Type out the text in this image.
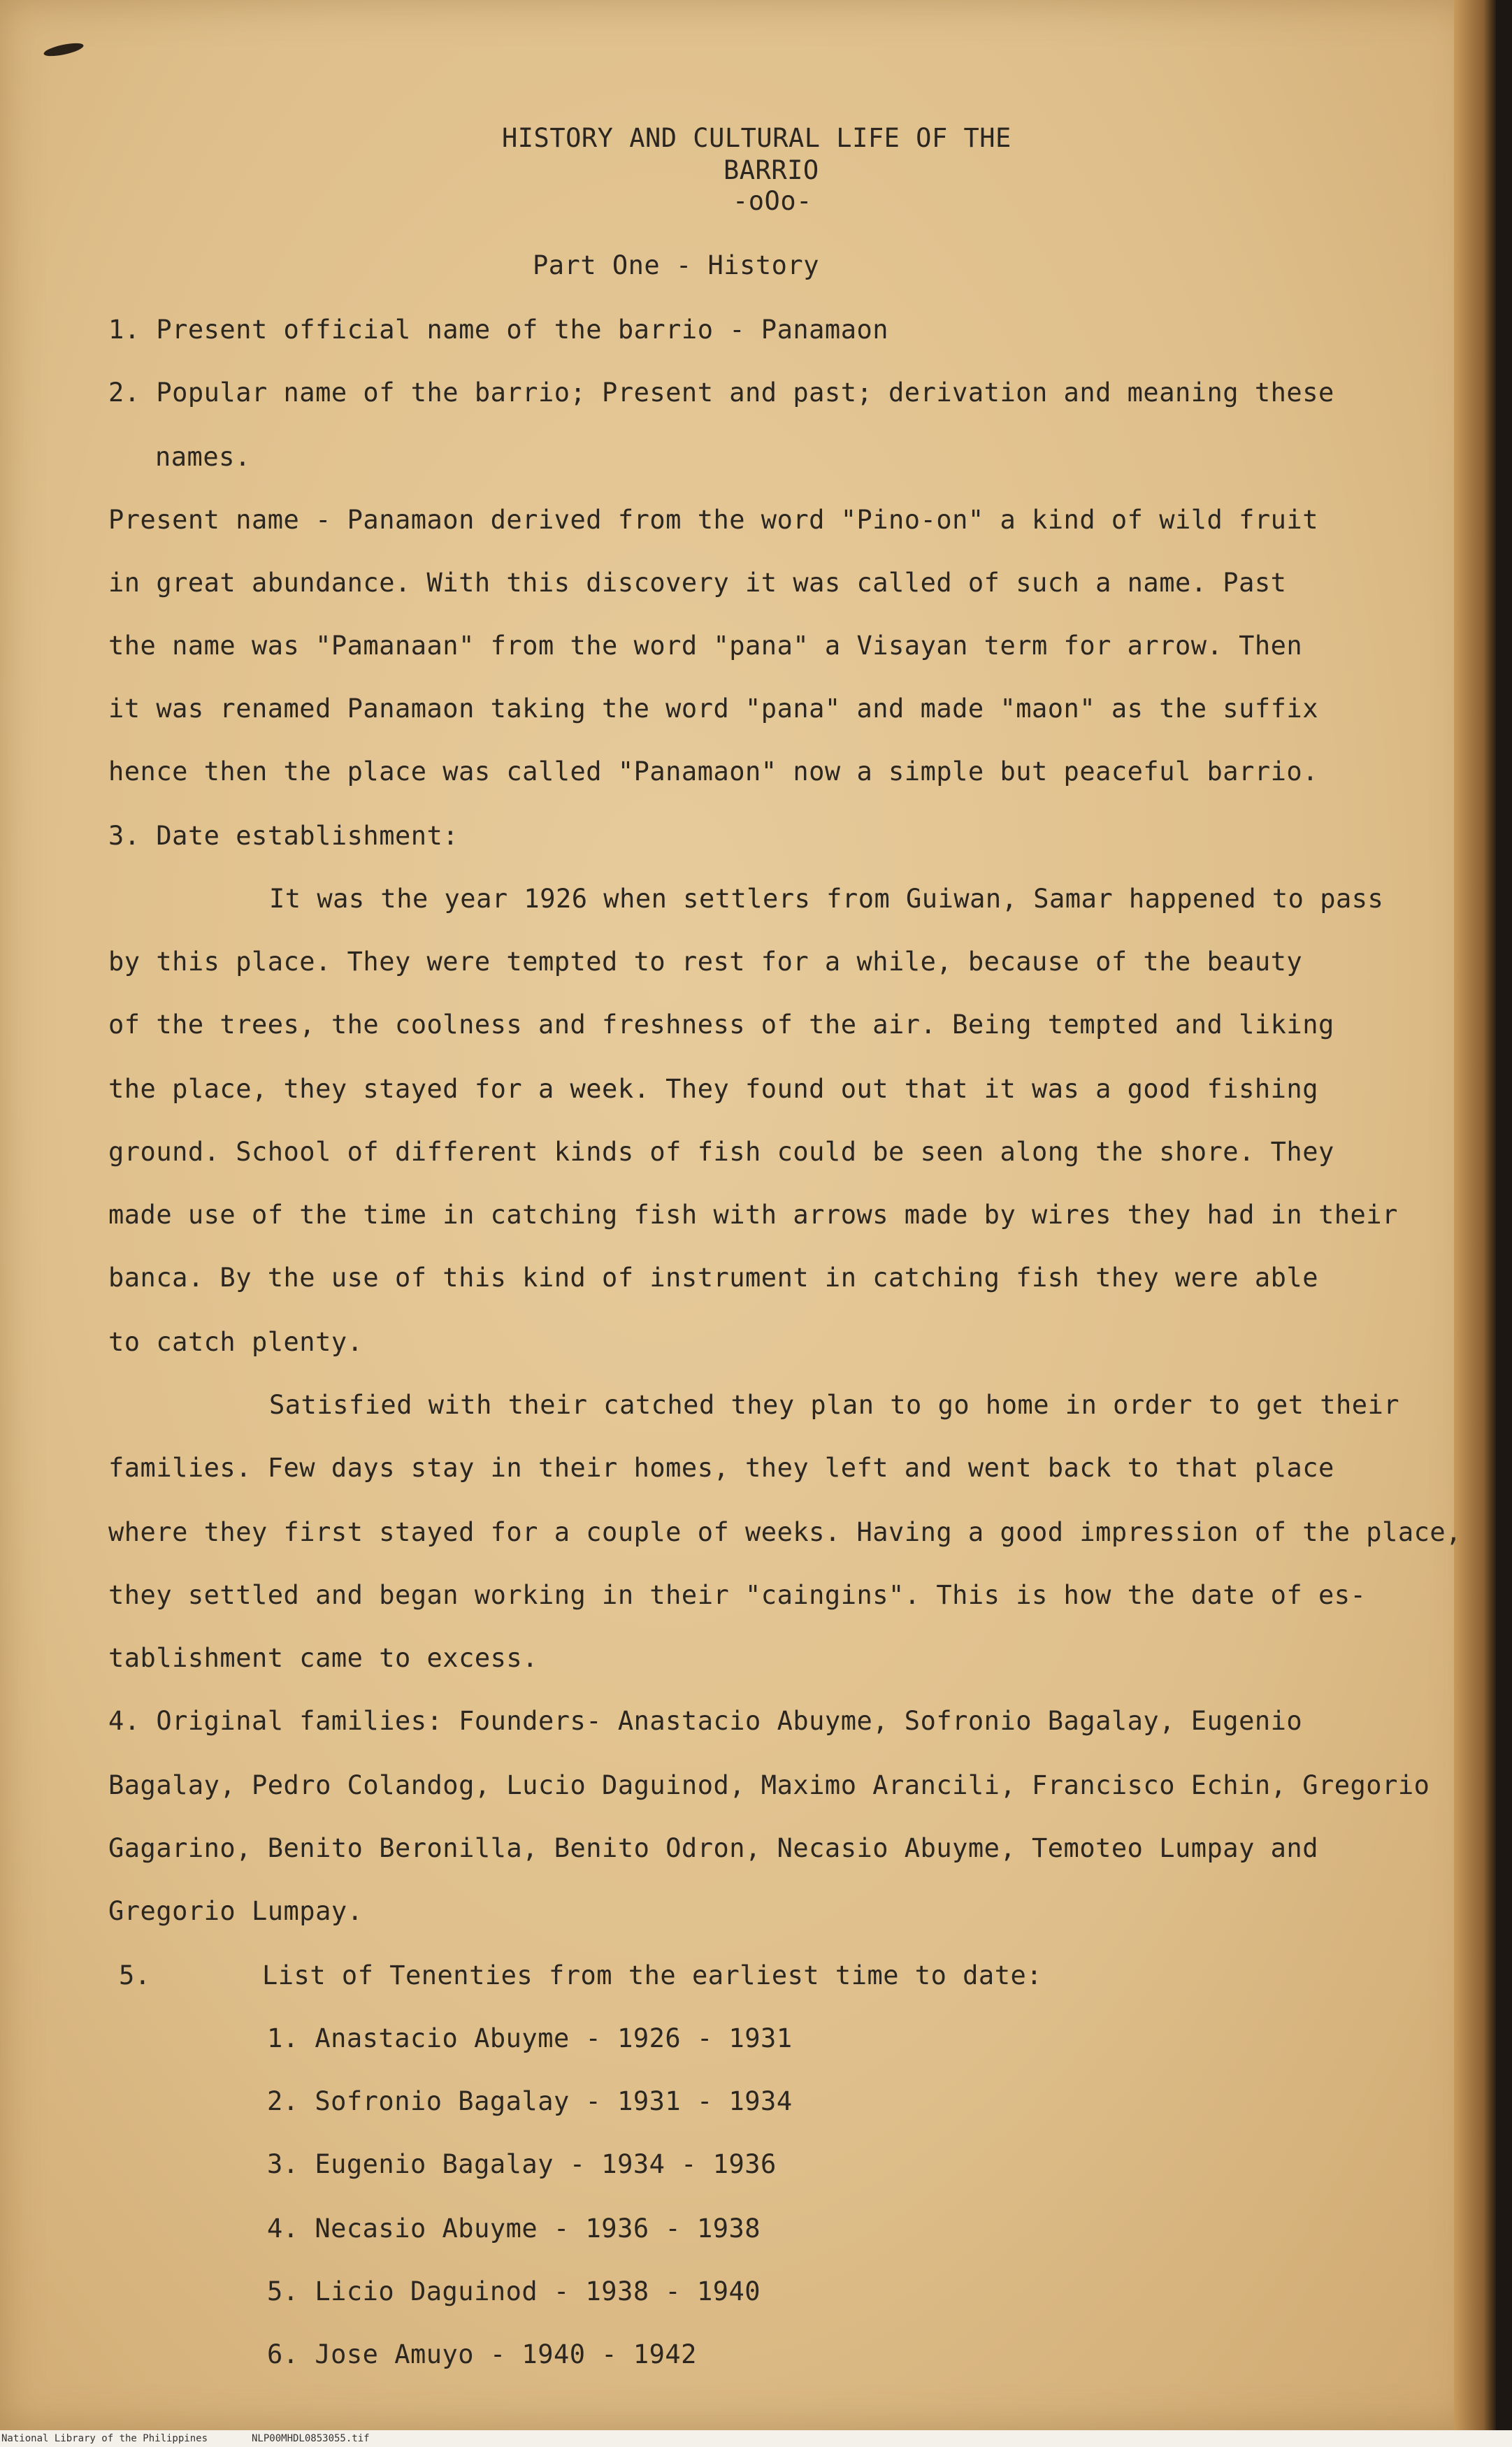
HISTORY AND CULTURAL LIFE OF THE
BARRIO
-oOo-
Part One - History
1. Present official name of the barrio - Panamaon
2. Popular name of the barrio; Present and past; derivation and meaning these
names.
Present name - Panamaon derived from the word "Pino-on" a kind of wild fruit
in great abundance. With this discovery it was called of such a name. Past
the name was "Pamanaan" from the word "pana" a Visayan term for arrow. Then
it was renamed Panamaon taking the word "pana" and made "maon" as the suffix
hence then the place was called "Panamaon" now a simple but peaceful barrio.
3. Date establishment:
It was the year 1926 when settlers from Guiwan, Samar happened to pass
by this place. They were tempted to rest for a while, because of the beauty
of the trees, the coolness and freshness of the air. Being tempted and liking
the place, they stayed for a week. They found out that it was a good fishing
ground. School of different kinds of fish could be seen along the shore. They
made use of the time in catching fish with arrows made by wires they had in their
banca. By the use of this kind of instrument in catching fish they were able
to catch plenty.
Satisfied with their catched they plan to go home in order to get their
families. Few days stay in their homes, they left and went back to that place
where they first stayed for a couple of weeks. Having a good impression of the place,
they settled and began working in their "caingins". This is how the date of es-
tablishment came to excess.
4. Original families: Founders- Anastacio Abuyme, Sofronio Bagalay, Eugenio
Bagalay, Pedro Colandog, Lucio Daguinod, Maximo Arancili, Francisco Echin, Gregorio
Gagarino, Benito Beronilla, Benito Odron, Necasio Abuyme, Temoteo Lumpay and
Gregorio Lumpay.
5.	List of Tenenties from the earliest time to date:
1. Anastacio Abuyme - 1926 - 1931
2. Sofronio Bagalay - 1931 - 1934
3. Eugenio Bagalay - 1934 - 1936
4. Necasio Abuyme - 1936 - 1938
5. Licio Daguinod - 1938 - 1940
6. Jose Amuyo - 1940 - 1942
National Library of the Philippines	NLP00MHDL0853055.tif
